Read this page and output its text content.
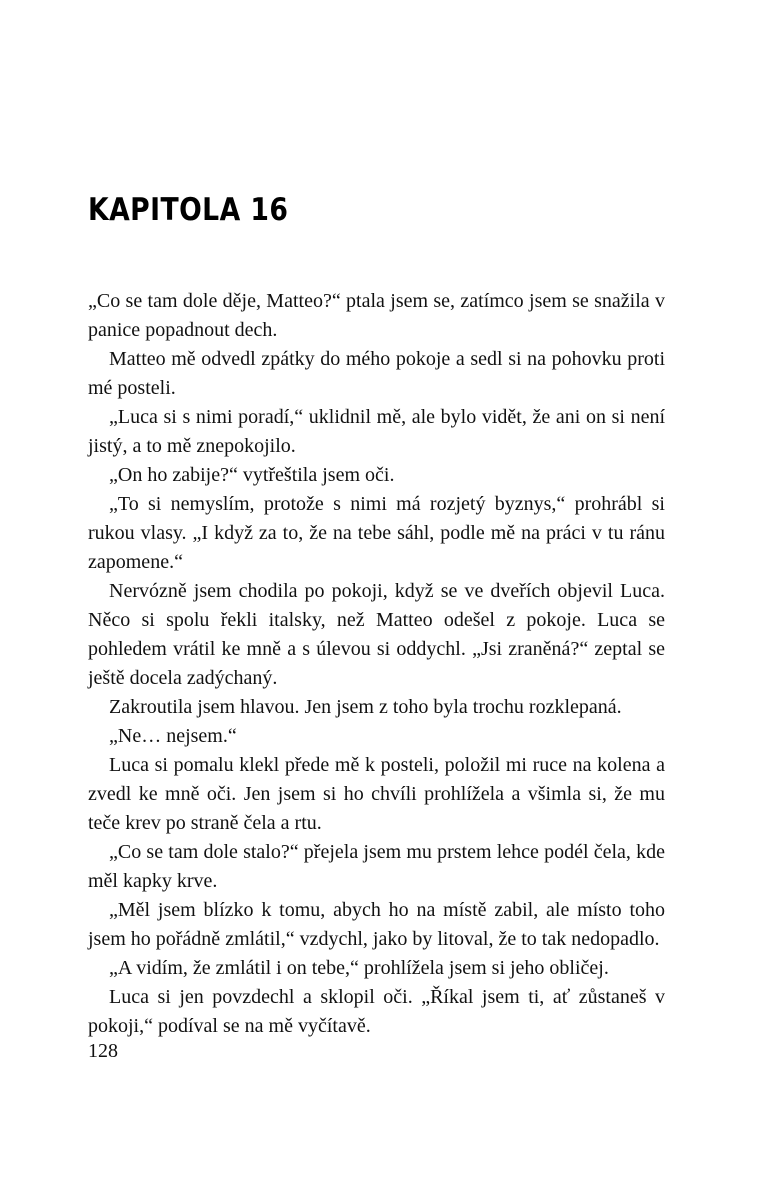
KAPITOLA 16

„Co se tam dole děje, Matteo?“ ptala jsem se, zatímco jsem se snažila v panice popadnout dech.

Matteo mě odvedl zpátky do mého pokoje a sedl si na pohovku proti mé posteli.

„Luca si s nimi poradí,“ uklidnil mě, ale bylo vidět, že ani on si není jistý, a to mě znepokojilo.

„On ho zabije?“ vytřeštila jsem oči.

„To si nemyslím, protože s nimi má rozjetý byznys,“ prohrábl si rukou vlasy. „I když za to, že na tebe sáhl, podle mě na práci v tu ránu zapomene.“

Nervózně jsem chodila po pokoji, když se ve dveřích objevil Luca. Něco si spolu řekli italsky, než Matteo odešel z pokoje. Luca se pohledem vrátil ke mně a s úlevou si oddychl. „Jsi zraněná?“ zeptal se ještě docela zadýchaný.

Zakroutila jsem hlavou. Jen jsem z toho byla trochu rozklepaná.

„Ne… nejsem.“

Luca si pomalu klekl přede mě k posteli, položil mi ruce na kolena a zvedl ke mně oči. Jen jsem si ho chvíli prohlížela a všimla si, že mu teče krev po straně čela a rtu.

„Co se tam dole stalo?“ přejela jsem mu prstem lehce podél čela, kde měl kapky krve.

„Měl jsem blízko k tomu, abych ho na místě zabil, ale místo toho jsem ho pořádně zmlátil,“ vzdychl, jako by litoval, že to tak nedopadlo.

„A vidím, že zmlátil i on tebe,“ prohlížela jsem si jeho obličej.

Luca si jen povzdechl a sklopil oči. „Říkal jsem ti, ať zůstaneš v pokoji,“ podíval se na mě vyčítavě.

128
